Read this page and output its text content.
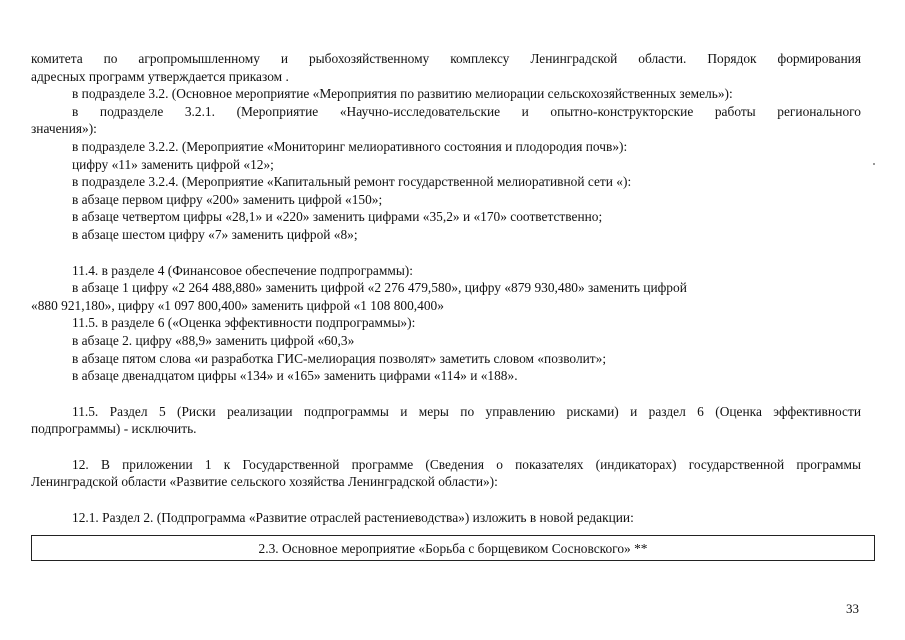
комитета по агропромышленному и рыбохозяйственному комплексу Ленинградской области. Порядок формирования

адресных программ утверждается приказом .

в подразделе 3.2. (Основное мероприятие «Мероприятия по развитию мелиорации сельскохозяйственных земель»):

в подразделе 3.2.1. (Мероприятие «Научно-исследовательские и опытно-конструкторские работы регионального

значения»):

в подразделе 3.2.2. (Мероприятие «Мониторинг мелиоративного состояния и плодородия почв»):

цифру «11» заменить цифрой «12»;

в подразделе 3.2.4. (Мероприятие «Капитальный ремонт государственной мелиоративной сети «):

в абзаце первом цифру «200» заменить цифрой «150»;

в абзаце четвертом цифры «28,1» и «220» заменить цифрами «35,2» и «170» соответственно;

в абзаце шестом цифру «7» заменить цифрой «8»;

11.4. в разделе 4 (Финансовое обеспечение подпрограммы):

в абзаце 1 цифру «2 264 488,880» заменить цифрой «2 276 479,580», цифру «879 930,480» заменить цифрой

«880 921,180», цифру «1 097 800,400» заменить цифрой «1 108 800,400»

11.5. в разделе 6 («Оценка эффективности подпрограммы»):

в абзаце 2. цифру «88,9» заменить цифрой «60,3»

в абзаце пятом слова «и разработка ГИС-мелиорация позволят» заметить словом «позволит»;

в абзаце двенадцатом цифры «134» и «165» заменить цифрами «114» и «188».

11.5. Раздел 5 (Риски реализации подпрограммы и меры по управлению рисками) и раздел 6 (Оценка эффективности

подпрограммы) - исключить.

12. В приложении 1 к Государственной программе (Сведения о показателях (индикаторах) государственной программы

Ленинградской области «Развитие сельского хозяйства Ленинградской области»):

12.1. Раздел 2. (Подпрограмма «Развитие отраслей растениеводства») изложить в новой редакции:

2.3. Основное мероприятие «Борьба с борщевиком Сосновского» **
33
